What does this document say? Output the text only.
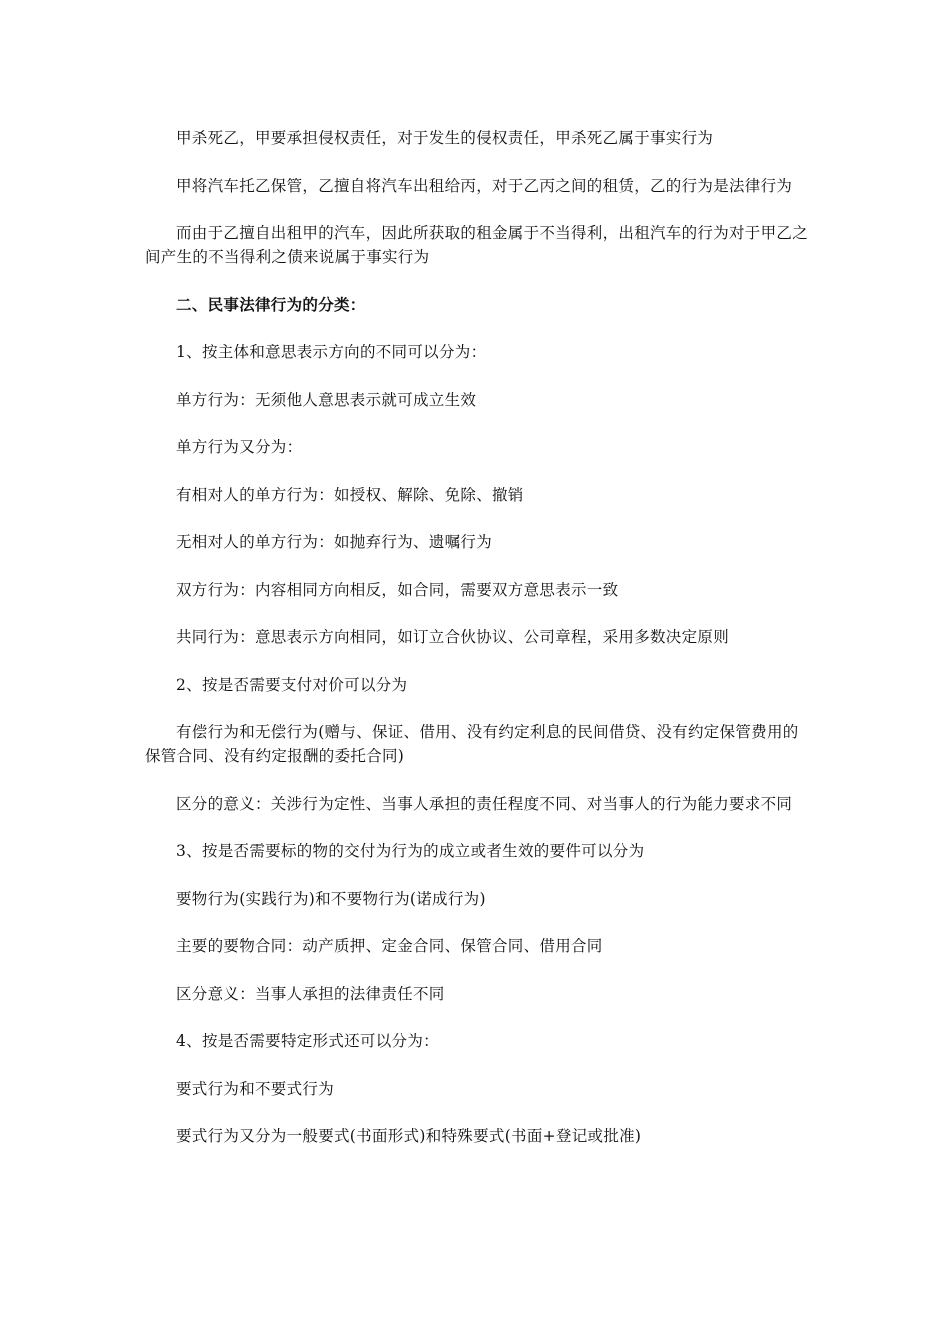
甲杀死乙，甲要承担侵权责任，对于发生的侵权责任，甲杀死乙属于事实行为

甲将汽车托乙保管，乙擅自将汽车出租给丙，对于乙丙之间的租赁，乙的行为是法律行为

而由于乙擅自出租甲的汽车，因此所获取的租金属于不当得利，出租汽车的行为对于甲乙之间产生的不当得利之债来说属于事实行为

二、民事法律行为的分类：

1、按主体和意思表示方向的不同可以分为：

单方行为：无须他人意思表示就可成立生效

单方行为又分为：

有相对人的单方行为：如授权、解除、免除、撤销

无相对人的单方行为：如抛弃行为、遗嘱行为

双方行为：内容相同方向相反，如合同，需要双方意思表示一致

共同行为：意思表示方向相同，如订立合伙协议、公司章程，采用多数决定原则

2、按是否需要支付对价可以分为

有偿行为和无偿行为(赠与、保证、借用、没有约定利息的民间借贷、没有约定保管费用的保管合同、没有约定报酬的委托合同)

区分的意义：关涉行为定性、当事人承担的责任程度不同、对当事人的行为能力要求不同

3、按是否需要标的物的交付为行为的成立或者生效的要件可以分为

要物行为(实践行为)和不要物行为(诺成行为)

主要的要物合同：动产质押、定金合同、保管合同、借用合同

区分意义：当事人承担的法律责任不同

4、按是否需要特定形式还可以分为：

要式行为和不要式行为

要式行为又分为一般要式(书面形式)和特殊要式(书面+登记或批准)
